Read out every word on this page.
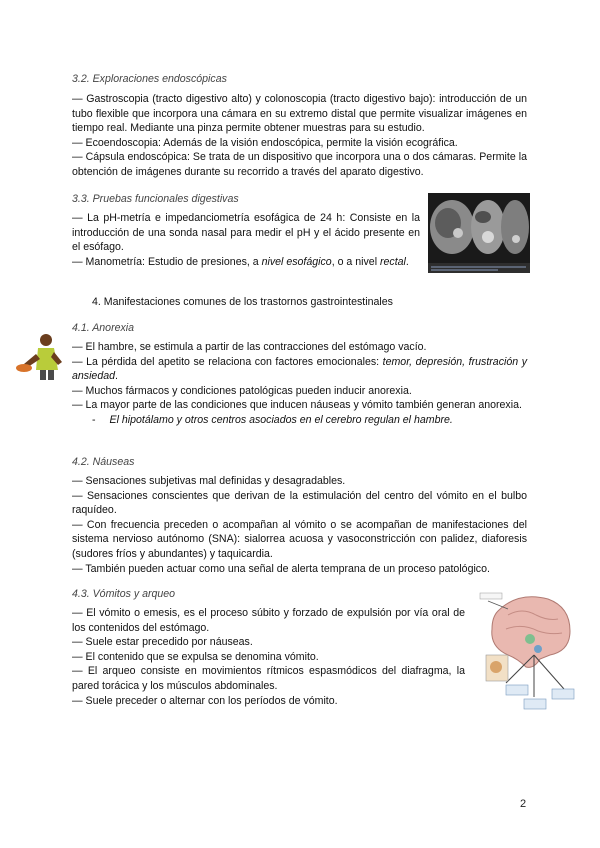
3.2. Exploraciones endoscópicas
— Gastroscopia (tracto digestivo alto) y colonoscopia (tracto digestivo bajo): introducción de un tubo flexible que incorpora una cámara en su extremo distal que permite visualizar imágenes en tiempo real. Mediante una pinza permite obtener muestras para su estudio.
— Ecoendoscopia: Además de la visión endoscópica, permite la visión ecográfica.
— Cápsula endoscópica: Se trata de un dispositivo que incorpora una o dos cámaras. Permite la obtención de imágenes durante su recorrido a través del aparato digestivo.
3.3. Pruebas funcionales digestivas
— La pH-metría e impedanciometría esofágica de 24 h: Consiste en la introducción de una sonda nasal para medir el pH y el ácido presente en el esófago.
— Manometría: Estudio de presiones, a nivel esofágico, o a nivel rectal.
4. Manifestaciones comunes de los trastornos gastrointestinales
4.1. Anorexia
— El hambre, se estimula a partir de las contracciones del estómago vacío.
— La pérdida del apetito se relaciona con factores emocionales: temor, depresión, frustración y ansiedad.
— Muchos fármacos y condiciones patológicas pueden inducir anorexia.
— La mayor parte de las condiciones que inducen náuseas y vómito también generan anorexia.
- El hipotálamo y otros centros asociados en el cerebro regulan el hambre.
4.2. Náuseas
— Sensaciones subjetivas mal definidas y desagradables.
— Sensaciones conscientes que derivan de la estimulación del centro del vómito en el bulbo raquídeo.
— Con frecuencia preceden o acompañan al vómito o se acompañan de manifestaciones del sistema nervioso autónomo (SNA): sialorrea acuosa y vasoconstricción con palidez, diaforesis (sudores fríos y abundantes) y taquicardia.
— También pueden actuar como una señal de alerta temprana de un proceso patológico.
4.3. Vómitos y arqueo
— El vómito o emesis, es el proceso súbito y forzado de expulsión por vía oral de los contenidos del estómago.
— Suele estar precedido por náuseas.
— El contenido que se expulsa se denomina vómito.
— El arqueo consiste en movimientos rítmicos espasmódicos del diafragma, la pared torácica y los músculos abdominales.
— Suele preceder o alternar con los períodos de vómito.
2
